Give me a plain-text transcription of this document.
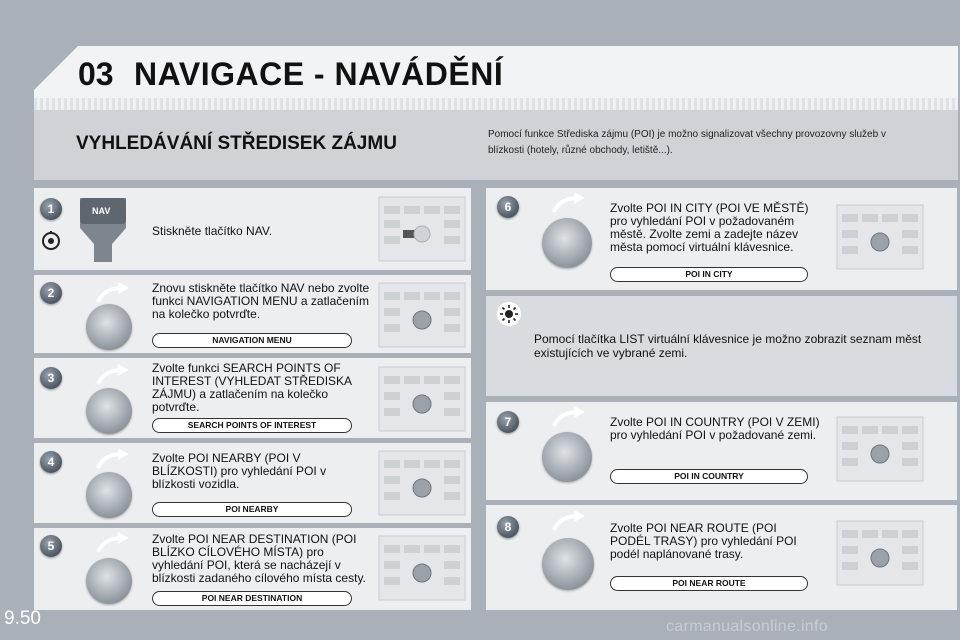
03 NAVIGACE - NAVÁDĚNÍ
VYHLEDÁVÁNÍ STŘEDISEK ZÁJMU	Pomocí funkce Střediska zájmu (POI) je možno signalizovat všechny provozovny služeb v blízkosti (hotely, různé obchody, letiště...).
1	NAV
Stiskněte tlačítko NAV.
2	Znovu stiskněte tlačítko NAV nebo zvolte funkci NAVIGATION MENU a zatlačením na kolečko potvrďte.
NAVIGATION MENU
3
Zvolte funkci SEARCH POINTS OF INTEREST (VYHLEDAT STŘEDISKA ZÁJMU) a zatlačením na kolečko potvrďte.
SEARCH POINTS OF INTEREST
4	Zvolte POI NEARBY (POI V BLÍZKOSTI) pro vyhledání POI v blízkosti vozidla.
POI NEARBY
5	Zvolte POI NEAR DESTINATION (POI BLÍZKO CÍLOVÉHO MÍSTA) pro vyhledání POI, která se nacházejí v blízkosti zadaného cílového místa cesty.
POI NEAR DESTINATION
6	Zvolte POI IN CITY (POI VE MĚSTĚ) pro vyhledání POI v požadovaném městě. Zvolte zemi a zadejte název města pomocí virtuální klávesnice.
POI IN CITY
Pomocí tlačítka LIST virtuální klávesnice je možno zobrazit seznam měst existujících ve vybrané zemi.
7	Zvolte POI IN COUNTRY (POI V ZEMI) pro vyhledání POI v požadované zemi.
POI IN COUNTRY
8	Zvolte POI NEAR ROUTE (POI PODÉL TRASY) pro vyhledání POI podél naplánované trasy.
POI NEAR ROUTE
9.50	carmanualsonline.info
